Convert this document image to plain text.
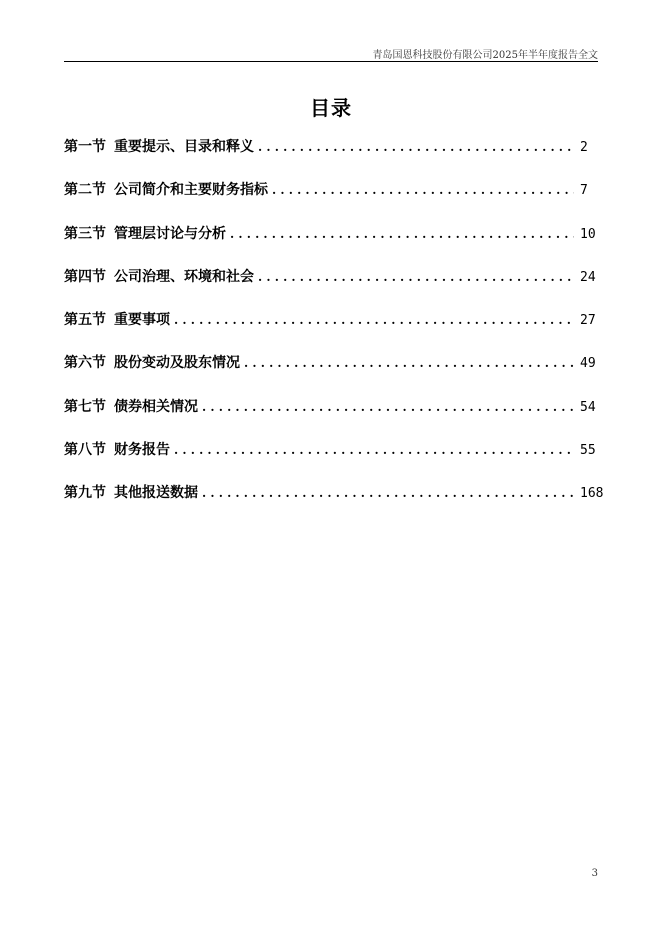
青岛国恩科技股份有限公司2025年半年度报告全文
目录
第一节 重要提示、目录和释义 . . .	2
第二节 公司简介和主要财务指标 . . .	7
第三节 管理层讨论与分析 . . .	10
第四节 公司治理、环境和社会 . . .	24
第五节 重要事项 . . .	27
第六节 股份变动及股东情况 . . .	49
第七节 债券相关情况 . . .	54
第八节 财务报告 . . .	55
第九节 其他报送数据 . . .	168
3
